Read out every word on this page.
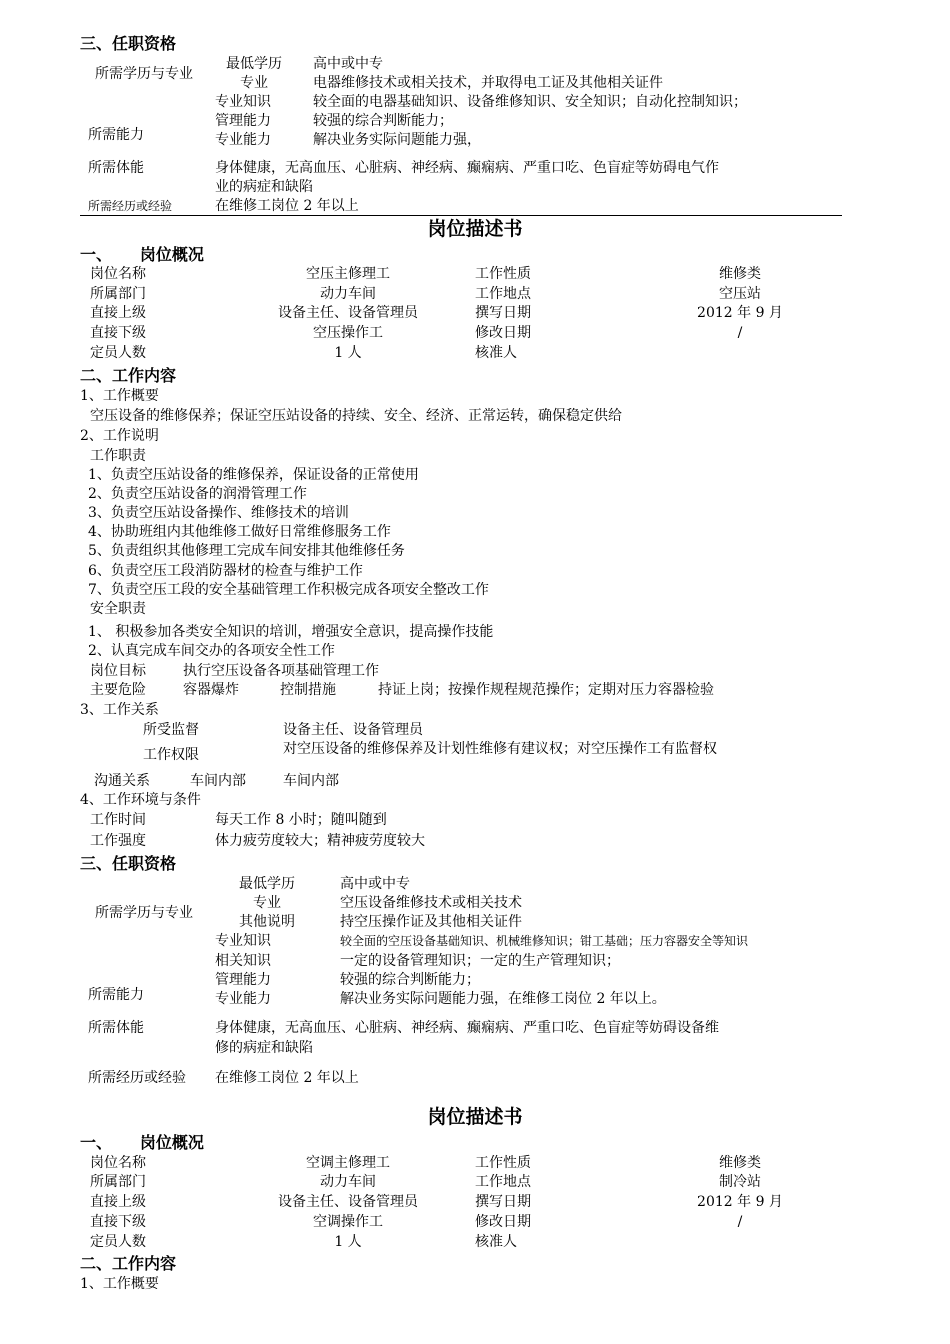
三、任职资格
所需学历与专业
最低学历	高中或中专
专业	电器维修技术或相关技术，并取得电工证及其他相关证件
专业知识	较全面的电器基础知识、设备维修知识、安全知识；自动化控制知识；
所需能力
管理能力	较强的综合判断能力；
专业能力	解决业务实际问题能力强，
所需体能	身体健康，无高血压、心脏病、神经病、癫痫病、严重口吃、色盲症等妨碍电气作
业的病症和缺陷
所需经历或经验	在维修工岗位 2 年以上
岗位描述书
一、     岗位概况
岗位名称	空压主修理工	工作性质	维修类
所属部门	动力车间	工作地点	空压站
直接上级	设备主任、设备管理员	撰写日期	2012 年 9 月
直接下级	空压操作工	修改日期	/
定员人数	1 人	核准人
二、工作内容
1、工作概要
空压设备的维修保养；保证空压站设备的持续、安全、经济、正常运转，确保稳定供给
2、工作说明
工作职责
1、负责空压站设备的维修保养，保证设备的正常使用
2、负责空压站设备的润滑管理工作
3、负责空压站设备操作、维修技术的培训
4、协助班组内其他维修工做好日常维修服务工作
5、负责组织其他修理工完成车间安排其他维修任务
6、负责空压工段消防器材的检查与维护工作
7、负责空压工段的安全基础管理工作积极完成各项安全整改工作
安全职责
1、 积极参加各类安全知识的培训，增强安全意识，提高操作技能
2、认真完成车间交办的各项安全性工作
岗位目标	执行空压设备各项基础管理工作
主要危险	容器爆炸	控制措施	持证上岗；按操作规程规范操作；定期对压力容器检验
3、工作关系
所受监督	设备主任、设备管理员
工作权限	对空压设备的维修保养及计划性维修有建议权；对空压操作工有监督权
沟通关系	车间内部	车间内部
4、工作环境与条件
工作时间	每天工作 8 小时；随叫随到
工作强度	体力疲劳度较大；精神疲劳度较大
三、任职资格
所需学历与专业
最低学历	高中或中专
专业	空压设备维修技术或相关技术
其他说明	持空压操作证及其他相关证件
专业知识	较全面的空压设备基础知识、机械维修知识；钳工基础；压力容器安全等知识
相关知识	一定的设备管理知识；一定的生产管理知识；
所需能力
管理能力	较强的综合判断能力；
专业能力	解决业务实际问题能力强，在维修工岗位 2 年以上。
所需体能	身体健康，无高血压、心脏病、神经病、癫痫病、严重口吃、色盲症等妨碍设备维
修的病症和缺陷
所需经历或经验	在维修工岗位 2 年以上
岗位描述书
一、     岗位概况
岗位名称	空调主修理工	工作性质	维修类
所属部门	动力车间	工作地点	制冷站
直接上级	设备主任、设备管理员	撰写日期	2012 年 9 月
直接下级	空调操作工	修改日期	/
定员人数	1 人	核准人
二、工作内容
1、工作概要
